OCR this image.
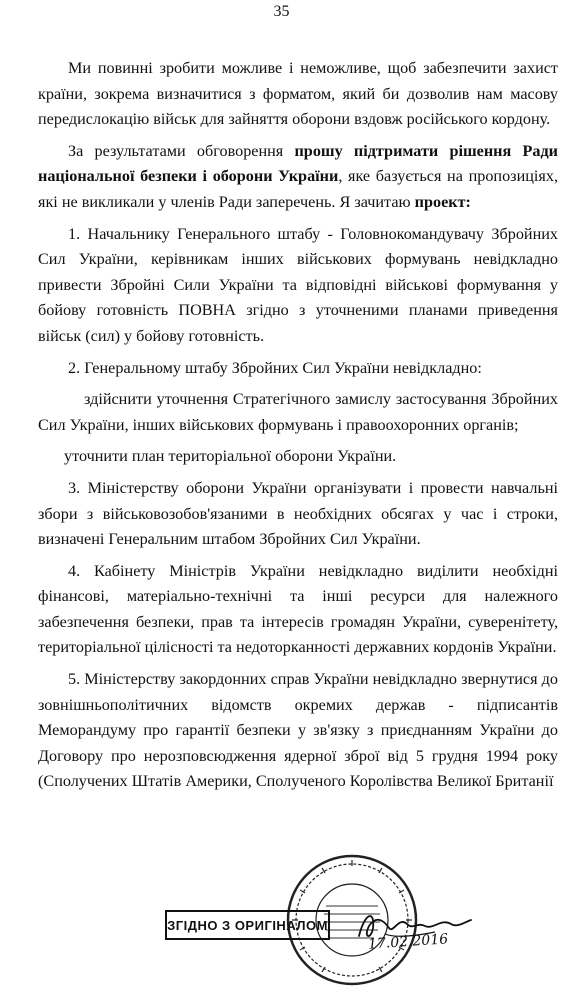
35

Ми повинні зробити можливе і неможливе, щоб забезпечити захист країни, зокрема визначитися з форматом, який би дозволив нам масову передислокацію військ для зайняття оборони вздовж російського кордону.

За результатами обговорення прошу підтримати рішення Ради національної безпеки і оборони України, яке базується на пропозиціях, які не викликали у членів Ради заперечень. Я зачитаю проект:

1. Начальнику Генерального штабу - Головнокомандувачу Збройних Сил України, керівникам інших військових формувань невідкладно привести Збройні Сили України та відповідні військові формування у бойову готовність ПОВНА згідно з уточненими планами приведення військ (сил) у бойову готовність.

2. Генеральному штабу Збройних Сил України невідкладно:

здійснити уточнення Стратегічного замислу застосування Збройних Сил України, інших військових формувань і правоохоронних органів;

уточнити план територіальної оборони України.

3. Міністерству оборони України організувати і провести навчальні збори з військовозобов'язаними в необхідних обсягах у час і строки, визначені Генеральним штабом Збройних Сил України.

4. Кабінету Міністрів України невідкладно виділити необхідні фінансові, матеріально-технічні та інші ресурси для належного забезпечення безпеки, прав та інтересів громадян України, суверенітету, територіальної цілісності та недоторканності державних кордонів України.

5. Міністерству закордонних справ України невідкладно звернутися до зовнішньополітичних відомств окремих держав - підписантів Меморандуму про гарантії безпеки у зв'язку з приєднанням України до Договору про нерозповсюдження ядерної зброї від 5 грудня 1994 року (Сполучених Штатів Америки, Сполученого Королівства Великої Британії

ЗГІДНО З ОРИГІНАЛОМ
17.02.2016
